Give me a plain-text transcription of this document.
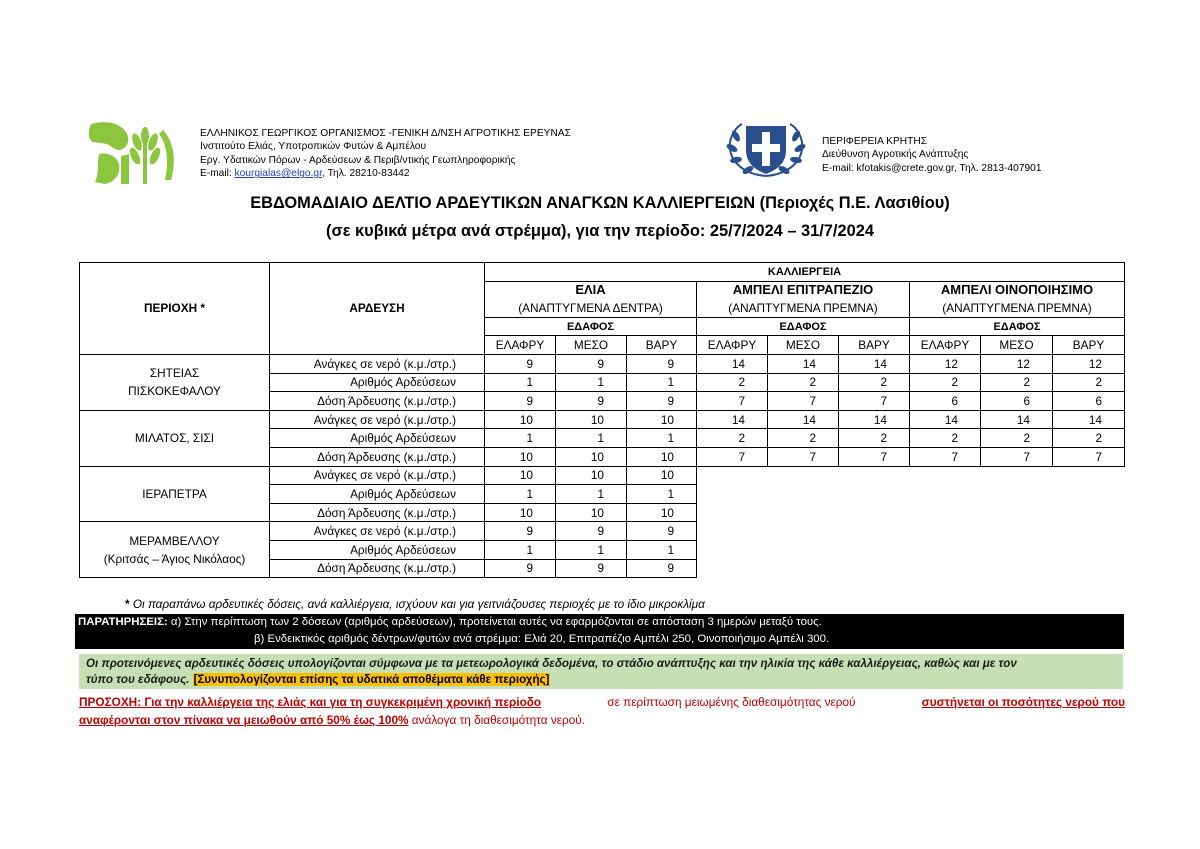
ΕΛΛΗΝΙΚΟΣ ΓΕΩΡΓΙΚΟΣ ΟΡΓΑΝΙΣΜΟΣ -ΓΕΝΙΚΗ Δ/ΝΣΗ ΑΓΡΟΤΙΚΗΣ ΕΡΕΥΝΑΣ
Ινστιτούτο Ελιάς, Υποτροπικών Φυτών & Αμπέλου
Εργ. Υδατικών Πόρων - Αρδεύσεων & Περιβ/ντικής Γεωπληροφορικής
E-mail: kourgialas@elgo.gr, Τηλ. 28210-83442
ΠΕΡΙΦΕΡΕΙΑ ΚΡΗΤΗΣ
Διεύθυνση Αγροτικής Ανάπτυξης
E-mail: kfotakis@crete.gov.gr, Τηλ. 2813-407901
ΕΒΔΟΜΑΔΙΑΙΟ ΔΕΛΤΙΟ ΑΡΔΕΥΤΙΚΩΝ ΑΝΑΓΚΩΝ ΚΑΛΛΙΕΡΓΕΙΩΝ (Περιοχές Π.Ε. Λασιθίου)
(σε κυβικά μέτρα ανά στρέμμα), για την περίοδο: 25/7/2024 – 31/7/2024
ΠΕΡΙΟΧΗ *	ΑΡΔΕΥΣΗ	ΚΑΛΛΙΕΡΓΕΙΑ								
		ΕΛΙΑ			ΑΜΠΕΛΙ ΕΠΙΤΡΑΠΕΖΙΟ			ΑΜΠΕΛΙ ΟΙΝΟΠΟΙΗΣΙΜΟ		
		(ΑΝΑΠΤΥΓΜΕΝΑ ΔΕΝΤΡΑ)			(ΑΝΑΠΤΥΓΜΕΝΑ ΠΡΕΜΝΑ)			(ΑΝΑΠΤΥΓΜΕΝΑ ΠΡΕΜΝΑ)		
		ΕΔΑΦΟΣ			ΕΔΑΦΟΣ			ΕΔΑΦΟΣ		
		ΕΛΑΦΡΥ	ΜΕΣΟ	ΒΑΡΥ	ΕΛΑΦΡΥ	ΜΕΣΟ	ΒΑΡΥ	ΕΛΑΦΡΥ	ΜΕΣΟ	ΒΑΡΥ

ΣΗΤΕΙΑΣ
ΠΙΣΚΟΚΕΦΑΛΟΥ	Ανάγκες σε νερό (κ.μ./στρ.)	9	9	9	14	14	14	12	12	12
	Αριθμός Αρδεύσεων	1	1	1	2	2	2	2	2	2
	Δόση Άρδευσης (κ.μ./στρ.)	9	9	9	7	7	7	6	6	6

ΜΙΛΑΤΟΣ, ΣΙΣΙ	Ανάγκες σε νερό (κ.μ./στρ.)	10	10	10	14	14	14	14	14	14
	Αριθμός Αρδεύσεων	1	1	1	2	2	2	2	2	2
	Δόση Άρδευσης (κ.μ./στρ.)	10	10	10	7	7	7	7	7	7

ΙΕΡΑΠΕΤΡΑ	Ανάγκες σε νερό (κ.μ./στρ.)	10	10	10						
	Αριθμός Αρδεύσεων	1	1	1						
	Δόση Άρδευσης (κ.μ./στρ.)	10	10	10						

ΜΕΡΑΜΒΕΛΛΟΥ
(Κριτσάς – Άγιος Νικόλαος)	Ανάγκες σε νερό (κ.μ./στρ.)	9	9	9						
	Αριθμός Αρδεύσεων	1	1	1						
	Δόση Άρδευσης (κ.μ./στρ.)	9	9	9						
* Οι παραπάνω αρδευτικές δόσεις, ανά καλλιέργεια, ισχύουν και για γειτνιάζουσες περιοχές με το ίδιο μικροκλίμα
ΠΑΡΑΤΗΡΗΣΕΙΣ: α) Στην περίπτωση των 2 δόσεων (αριθμός αρδεύσεων), προτείνεται αυτές να εφαρμόζονται σε απόσταση 3 ημερών μεταξύ τους.
β) Ενδεικτικός αριθμός δέντρων/φυτών ανά στρέμμα: Ελιά 20, Επιτραπέζιο Αμπέλι 250, Οινοποιήσιμο Αμπέλι 300.
Οι προτεινόμενες αρδευτικές δόσεις υπολογίζονται σύμφωνα με τα μετεωρολογικά δεδομένα, το στάδιο ανάπτυξης και την ηλικία της κάθε καλλιέργειας, καθώς και με τον
τύπο του εδάφους. [Συνυπολογίζονται επίσης τα υδατικά αποθέματα κάθε περιοχής]
ΠΡΟΣΟΧΗ: Για την καλλιέργεια της ελιάς και για τη συγκεκριμένη χρονική περίοδο	σε περίπτωση μειωμένης διαθεσιμότητας νερού	συστήνεται οι ποσότητες νερού που
αναφέρονται στον πίνακα να μειωθούν από 50% έως 100% ανάλογα τη διαθεσιμότητα νερού.
